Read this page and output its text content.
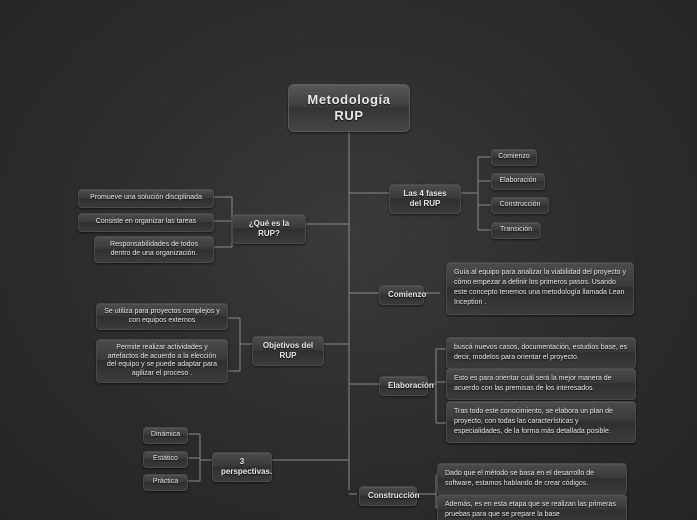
Metodología RUP
¿Qué es la RUP?
Promueve una solución disciplinada
Consiste en organizar las tareas
Responsabilidades de todos dentro de una organización.
Las 4 fases del RUP
Comienzo
Elaboración
Construcción
Transición
Comienzo
Guía al equipo para analizar la viabilidad del proyecto y cómo empezar a definir los primeros pasos. Usando este concepto tenemos una metodología llamada Lean Inception .
Objetivos del RUP
Se utiliza para proyectos complejos y con equipos externos
Permite realizar actividades y artefactos de acuerdo a la elección del equipo y se puede adaptar para agilizar el proceso .
Elaboración
buscá nuevos casos, documentación, estudios base, es decir, modelos para orientar el proyecto.
Esto es para orientar cuál será la mejor manera de acuerdo con las premisas de los interesados.
Tras todo este conocimiento, se elabora un plan de proyecto, con todas las características y especialidades, de la forma más detallada posible.
3 perspectivas.
Dinámica
Estático
Práctica
Construcción
Dado que el método se basa en el desarrollo de software, estamos hablando de crear códigos.
Además, es en esta etapa que se realizan las primeras pruebas para que se prepare la base
